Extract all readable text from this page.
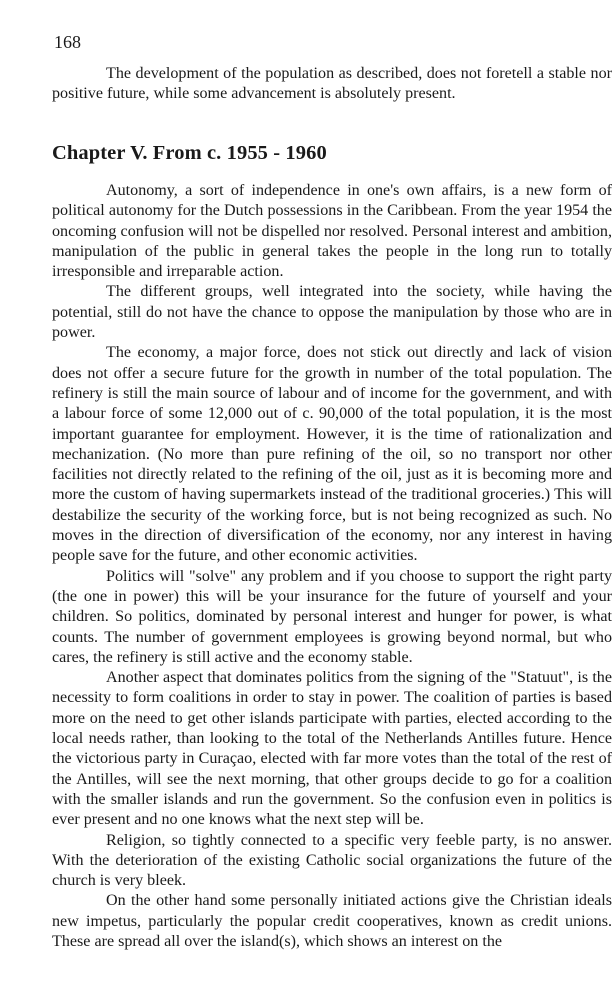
168

The development of the population as described, does not foretell a stable nor positive future, while some advancement is absolutely present.

Chapter V. From c. 1955 - 1960

Autonomy, a sort of independence in one's own affairs, is a new form of political autonomy for the Dutch possessions in the Caribbean. From the year 1954 the oncoming confusion will not be dispelled nor resolved. Personal interest and ambition, manipulation of the public in general takes the people in the long run to totally irresponsible and irreparable action.

The different groups, well integrated into the society, while having the potential, still do not have the chance to oppose the manipulation by those who are in power.

The economy, a major force, does not stick out directly and lack of vision does not offer a secure future for the growth in number of the total population. The refinery is still the main source of labour and of income for the government, and with a labour force of some 12,000 out of c. 90,000 of the total population, it is the most important guarantee for employment. However, it is the time of rationalization and mechanization. (No more than pure refining of the oil, so no transport nor other facilities not directly related to the refining of the oil, just as it is becoming more and more the custom of having supermarkets instead of the traditional groceries.) This will destabilize the security of the working force, but is not being recognized as such. No moves in the direction of diversification of the economy, nor any interest in having people save for the future, and other economic activities.

Politics will "solve" any problem and if you choose to support the right party (the one in power) this will be your insurance for the future of yourself and your children. So politics, dominated by personal interest and hunger for power, is what counts. The number of government employees is growing beyond normal, but who cares, the refinery is still active and the economy stable.

Another aspect that dominates politics from the signing of the "Statuut", is the necessity to form coalitions in order to stay in power. The coalition of parties is based more on the need to get other islands participate with parties, elected according to the local needs rather, than looking to the total of the Netherlands Antilles future. Hence the victorious party in Curaçao, elected with far more votes than the total of the rest of the Antilles, will see the next morning, that other groups decide to go for a coalition with the smaller islands and run the government. So the confusion even in politics is ever present and no one knows what the next step will be.

Religion, so tightly connected to a specific very feeble party, is no answer. With the deterioration of the existing Catholic social organizations the future of the church is very bleek.

On the other hand some personally initiated actions give the Christian ideals new impetus, particularly the popular credit cooperatives, known as credit unions. These are spread all over the island(s), which shows an interest on the
